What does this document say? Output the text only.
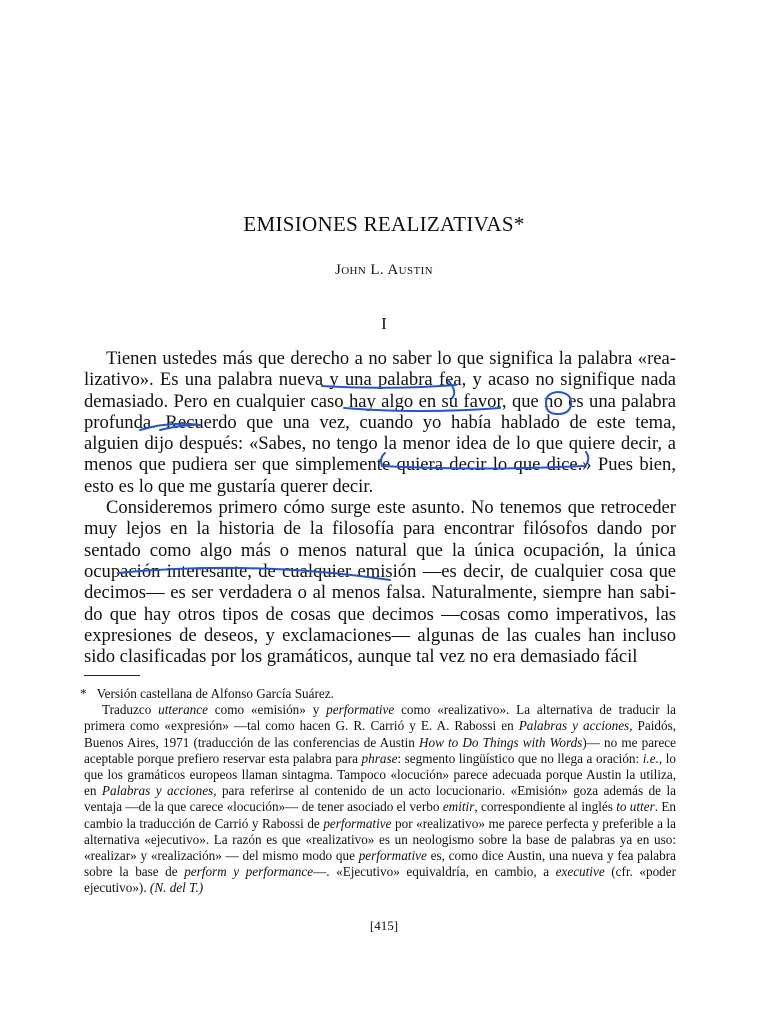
EMISIONES REALIZATIVAS*
John L. Austin
I

Tienen ustedes más que derecho a no saber lo que significa la palabra «realizativo». Es una palabra nueva y una palabra fea, y acaso no signifique nada demasiado. Pero en cualquier caso hay algo en su favor, que no es una palabra profunda. Recuerdo que una vez, cuando yo había hablado de este tema, alguien dijo después: «Sabes, no tengo la menor idea de lo que quiere decir, a menos que pudiera ser que simplemente quiera decir lo que dice.» Pues bien, esto es lo que me gustaría querer decir.

Consideremos primero cómo surge este asunto. No tenemos que retroceder muy lejos en la historia de la filosofía para encontrar filósofos dando por sentado como algo más o menos natural que la única ocupación, la única ocupación interesante, de cualquier emisión —es decir, de cualquier cosa que decimos— es ser verdadera o al menos falsa. Naturalmente, siempre han sabido que hay otros tipos de cosas que decimos —cosas como imperativos, las expresiones de deseos, y exclamaciones— algunas de las cuales han incluso sido clasificadas por los gramáticos, aunque tal vez no era demasiado fácil

* Versión castellana de Alfonso García Suárez.

Traduzco utterance como «emisión» y performative como «realizativo». La alternativa de traducir la primera como «expresión» —tal como hacen G. R. Carrió y E. A. Rabossi en Palabras y acciones, Paidós, Buenos Aires, 1971 (traducción de las conferencias de Austin How to Do Things with Words)— no me parece aceptable porque prefiero reservar esta palabra para phrase: segmento lingüístico que no llega a oración: i.e., lo que los gramáticos europeos llaman sintagma. Tampoco «locución» parece adecuada porque Austin la utiliza, en Palabras y acciones, para referirse al contenido de un acto locucionario. «Emisión» goza además de la ventaja —de la que carece «locución»— de tener asociado el verbo emitir, correspondiente al inglés to utter. En cambio la traducción de Carrió y Rabossi de performative por «realizativo» me parece perfecta y preferible a la alternativa «ejecutivo». La razón es que «realizativo» es un neologismo sobre la base de palabras ya en uso: «realizar» y «realización» — del mismo modo que performative es, como dice Austin, una nueva y fea palabra sobre la base de perform y performance—. «Ejecutivo» equivaldría, en cambio, a executive (cfr. «poder ejecutivo»). (N. del T.)

[415]
